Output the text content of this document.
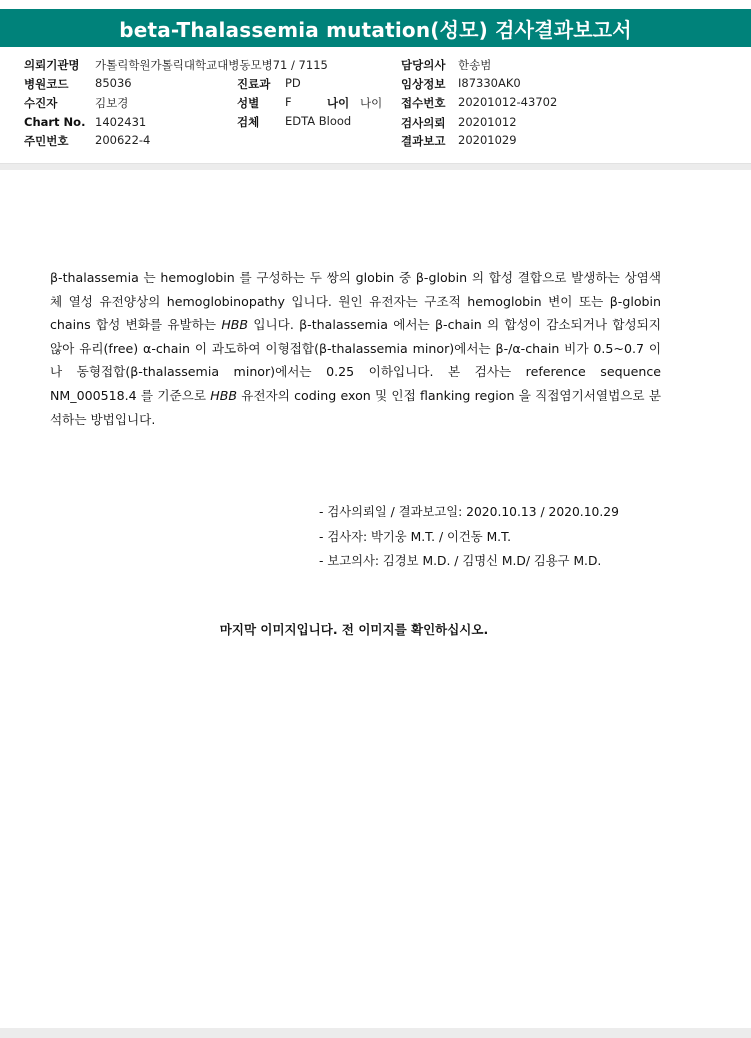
beta-Thalassemia mutation(성모) 검사결과보고서
의뢰기관명 가톨릭학원가톨릭대학교대병동모병71 / 7115
병원코드 85036
수진자	김보경
Chart No. 1402431
주민번호 200622-4
진료과 PD
성별 F	나이 나이
검체 EDTA Blood
담당의사 한송범
임상정보 I87330AK0
접수번호 20201012-43702
검사의뢰 20201012
결과보고 20201029
β-thalassemia 는 hemoglobin 를 구성하는 두 쌍의 globin 중 β-globin 의 합성 결합으로 발생하는 상염색체 열성 유전양상의 hemoglobinopathy 입니다. 원인 유전자는 구조적 hemoglobin 변이 또는 β-globin chains 합성 변화를 유발하는 HBB 입니다. β-thalassemia 에서는 β-chain 의 합성이 감소되거나 합성되지 않아 유리(free) α-chain 이 과도하여 이형접합(β-thalassemia minor)에서는 β-/α-chain 비가 0.5~0.7 이나 동형접합(β-thalassemia minor)에서는 0.25 이하입니다. 본 검사는 reference sequence NM_000518.4 를 기준으로 HBB 유전자의 coding exon 및 인접 flanking region 을 직접염기서열법으로 분석하는 방법입니다.
- 검사의뢰일 / 결과보고일: 2020.10.13 / 2020.10.29
- 검사자: 박기웅 M.T. / 이건동 M.T.
- 보고의사: 김경보 M.D. / 김명신 M.D/ 김용구 M.D.
마지막 이미지입니다. 전 이미지를 확인하십시오.
